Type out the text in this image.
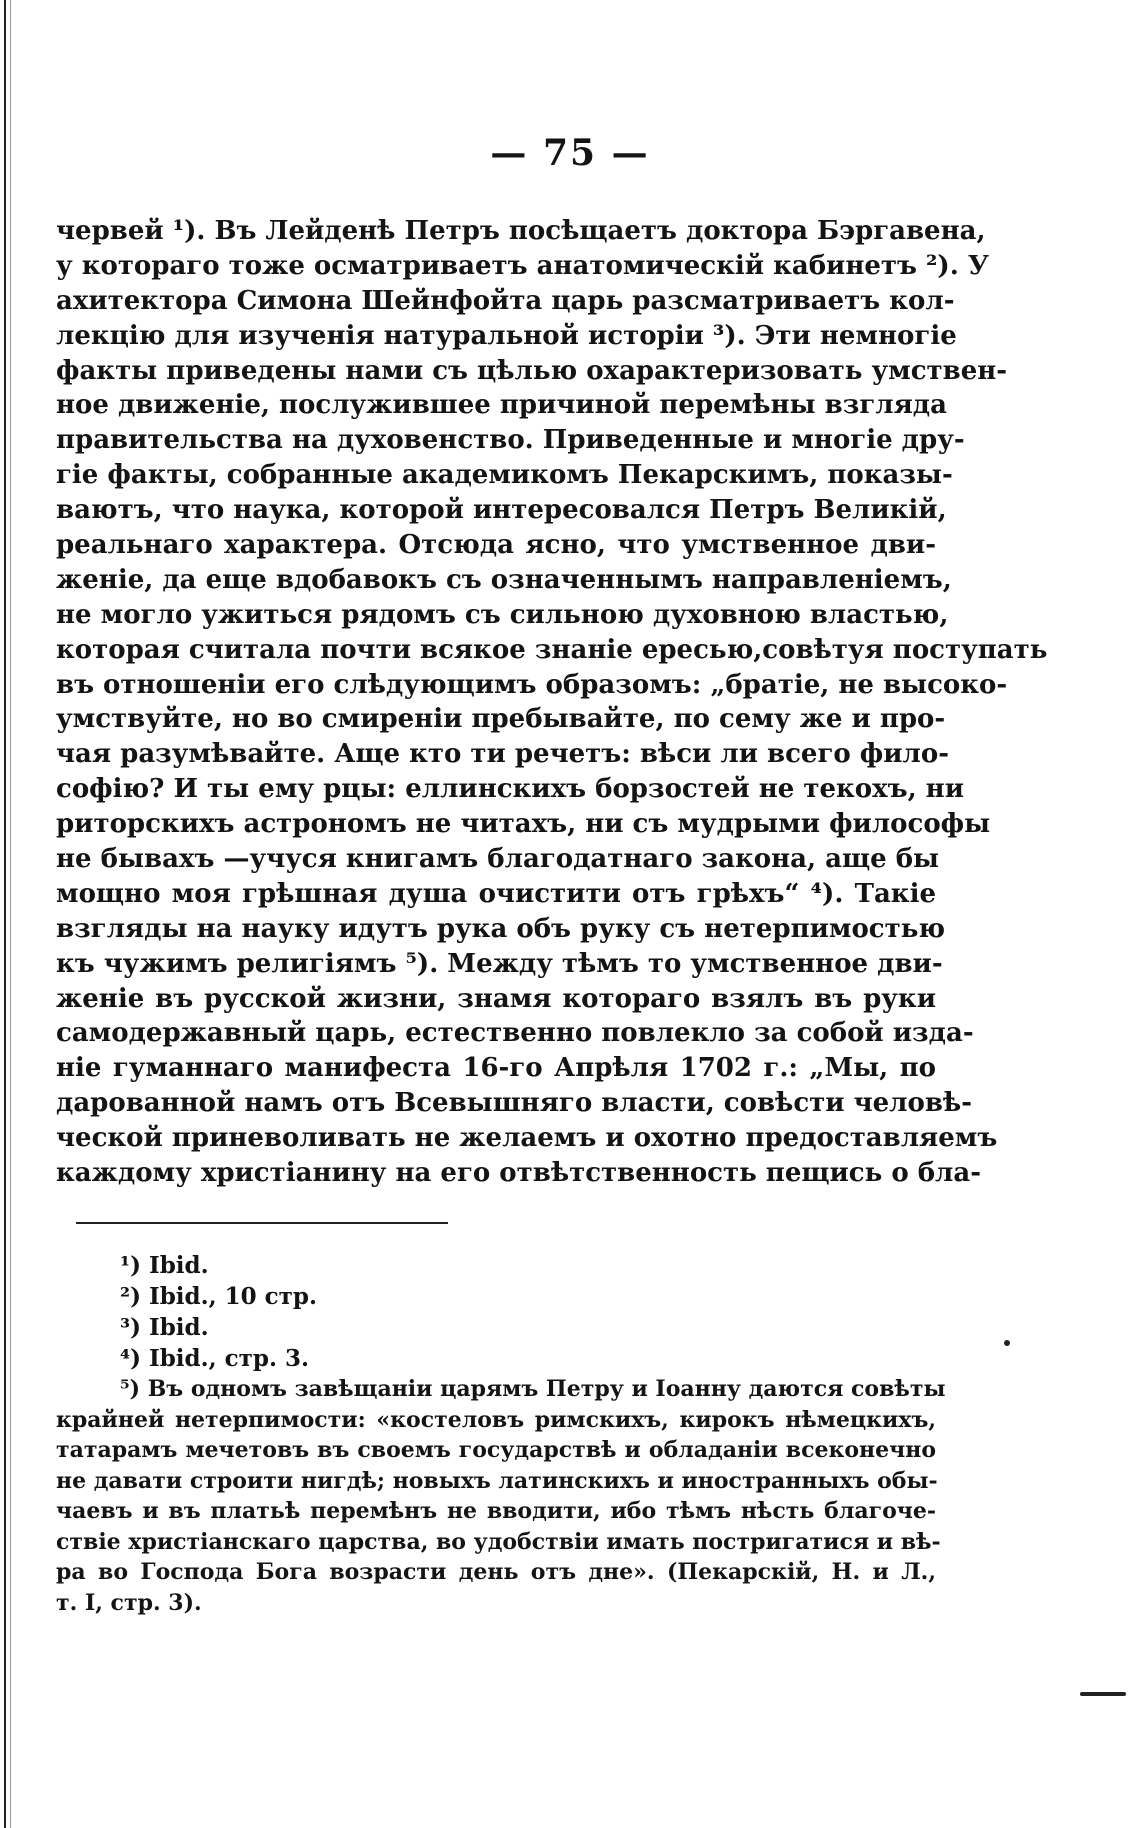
— 75 —
червей ¹). Въ Лейденѣ Петръ посѣщаетъ доктора Бэргавена,
у котораго тоже осматриваетъ анатомическій кабинетъ ²). У
ахитектора Симона Шейнфойта царь разсматриваетъ кол-
лекцію для изученія натуральной исторіи ³). Эти немногіе
факты приведены нами съ цѣлью охарактеризовать умствен-
ное движеніе, послужившее причиной перемѣны взгляда
правительства на духовенство. Приведенные и многіе дру-
гіе факты, собранные академикомъ Пекарскимъ, показы-
ваютъ, что наука, которой интересовался Петръ Великій,
реальнаго характера. Отсюда ясно, что умственное дви-
женіе, да еще вдобавокъ съ означеннымъ направленіемъ,
не могло ужиться рядомъ съ сильною духовною властью,
которая считала почти всякое знаніе ересью,совѣтуя поступать
въ отношеніи его слѣдующимъ образомъ: „братіе, не высоко-
умствуйте, но во смиреніи пребывайте, по сему же и про-
чая разумѣвайте. Аще кто ти речетъ: вѣси ли всего фило-
софію? И ты ему рцы: еллинскихъ борзостей не текохъ, ни
риторскихъ астрономъ не читахъ, ни съ мудрыми философы
не бывахъ —учуся книгамъ благодатнаго закона, аще бы
мощно моя грѣшная душа очистити отъ грѣхъ“ ⁴). Такіе
взгляды на науку идутъ рука объ руку съ нетерпимостью
къ чужимъ религіямъ ⁵). Между тѣмъ то умственное дви-
женіе въ русской жизни, знамя котораго взялъ въ руки
самодержавный царь, естественно повлекло за собой изда-
ніе гуманнаго манифеста 16-го Апрѣля 1702 г.: „Мы, по
дарованной намъ отъ Всевышняго власти, совѣсти человѣ-
ческой приневоливать не желаемъ и охотно предоставляемъ
каждому христіанину на его отвѣтственность пещись о бла-
¹) Ibid.
²) Ibid., 10 стр.
³) Ibid.
⁴) Ibid., стр. 3.
⁵) Въ одномъ завѣщаніи царямъ Петру и Іоанну даются совѣты
крайней нетерпимости: «костеловъ римскихъ, кирокъ нѣмецкихъ,
татарамъ мечетовъ въ своемъ государствѣ и обладаніи всеконечно
не давати строити нигдѣ; новыхъ латинскихъ и иностранныхъ обы-
чаевъ и въ платьѣ перемѣнъ не вводити, ибо тѣмъ нѣсть благоче-
ствіе христіанскаго царства, во удобствіи имать постригатися и вѣ-
ра во Господа Бога возрасти день отъ дне». (Пекарскій, Н. и Л.,
т. I, стр. 3).
